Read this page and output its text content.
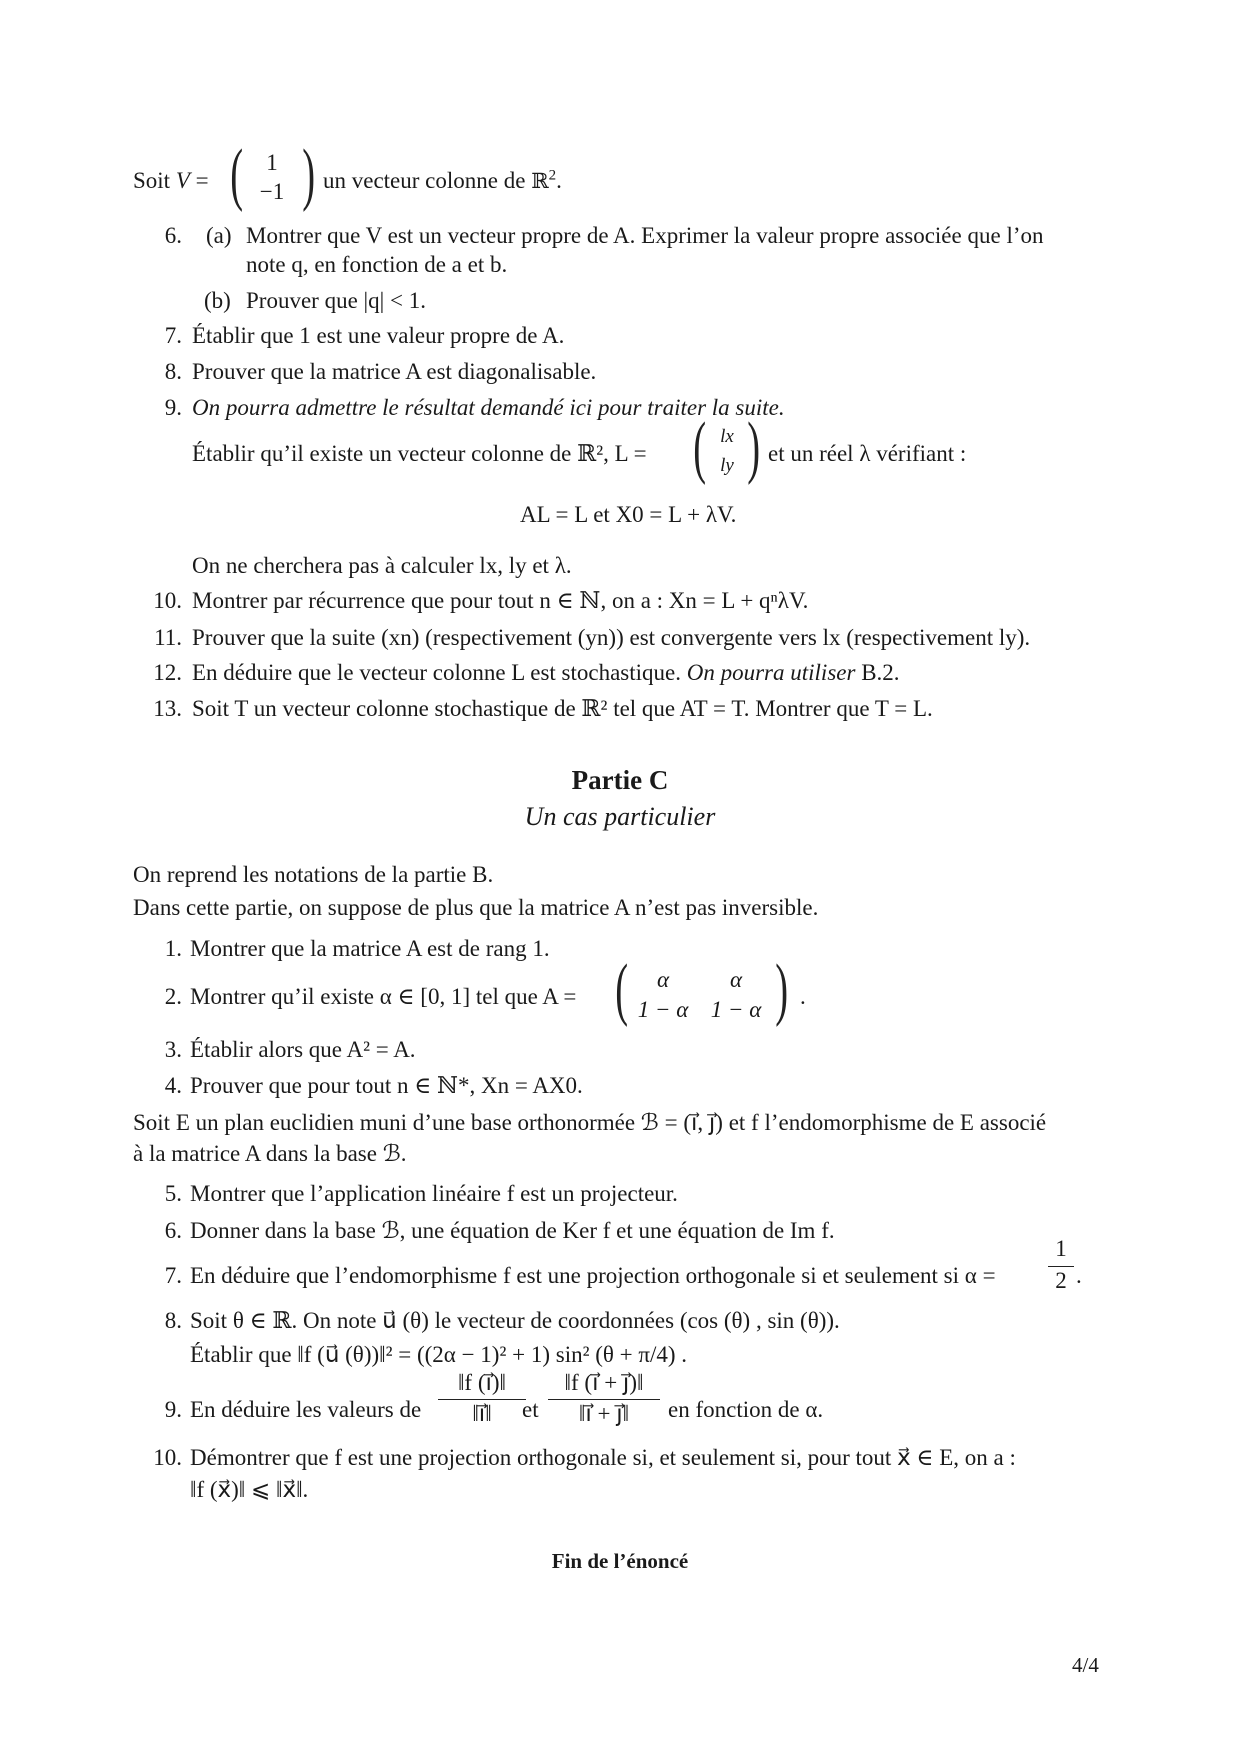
Soit V = (	1
−1 ) un vecteur colonne de ℝ$^2$.
6. (a) Montrer que V est un vecteur propre de A. Exprimer la valeur propre associée que l’on
note q, en fonction de a et b.
(b) Prouver que |q| < 1.
7. Établir que 1 est une valeur propre de A.
8. Prouver que la matrice A est diagonalisable.
9. On pourra admettre le résultat demandé ici pour traiter la suite.
Établir qu’il existe un vecteur colonne de ℝ², L = ( lx
ly ) et un réel λ vérifiant :
AL = L et X0 = L + λV.
On ne cherchera pas à calculer lx, ly et λ.
10. Montrer par récurrence que pour tout n ∈ ℕ, on a : Xn = L + qⁿλV.
11. Prouver que la suite (xn) (respectivement (yn)) est convergente vers lx (respectivement ly).
12. En déduire que le vecteur colonne L est stochastique. On pourra utiliser B.2.
13. Soit T un vecteur colonne stochastique de ℝ² tel que AT = T. Montrer que T = L.
Partie C
Un cas particulier
On reprend les notations de la partie B.
Dans cette partie, on suppose de plus que la matrice A n’est pas inversible.
1. Montrer que la matrice A est de rang 1.
2. Montrer qu’il existe α ∈ [0, 1] tel que A = (	α	α
1 − α 1 − α ) .
3. Établir alors que A² = A.
4. Prouver que pour tout n ∈ ℕ*, Xn = AX0.
Soit E un plan euclidien muni d’une base orthonormée ℬ = (ı⃗, ȷ⃗) et f l’endomorphisme de E associé
à la matrice A dans la base ℬ.
5. Montrer que l’application linéaire f est un projecteur.
6. Donner dans la base ℬ, une équation de Ker f et une équation de Im f.
7. En déduire que l’endomorphisme f est une projection orthogonale si et seulement si α =
1
2 .
8. Soit θ ∈ ℝ. On note u⃗ (θ) le vecteur de coordonnées (cos (θ) , sin (θ)).
Établir que ‖f (u⃗ (θ))‖² = ((2α − 1)² + 1) sin² (θ + π/4) .
9. En déduire les valeurs de
‖f (ı⃗)‖
‖ı⃗‖	et
‖f (ı⃗ + ȷ⃗)‖
‖ı⃗ + ȷ⃗‖	en fonction de α.
10. Démontrer que f est une projection orthogonale si, et seulement si, pour tout x⃗ ∈ E, on a :
‖f (x⃗)‖ ⩽ ‖x⃗‖.
Fin de l’énoncé
4/4
